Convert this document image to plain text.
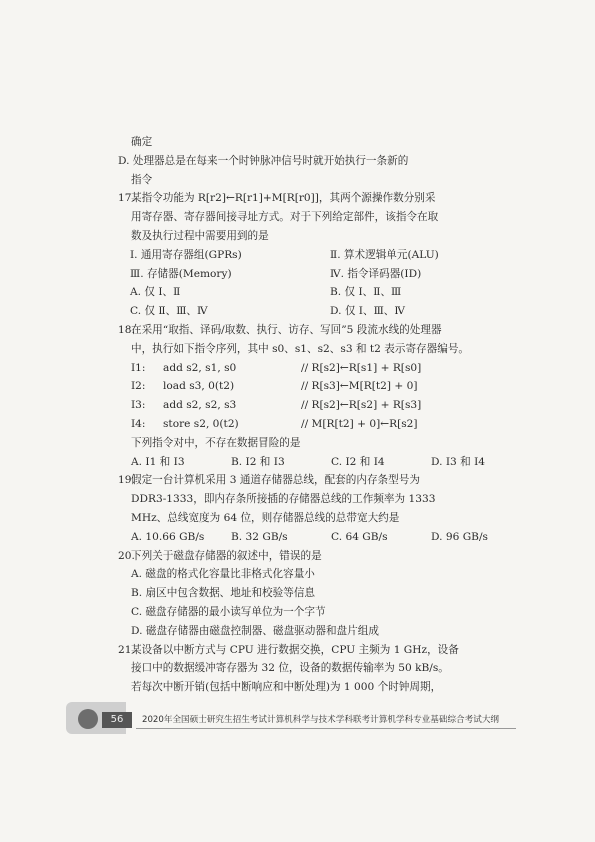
确定
D. 处理器总是在每来一个时钟脉冲信号时就开始执行一条新的
指令
17.某指令功能为 R[r2]←R[r1]+M[R[r0]]，其两个源操作数分别采
用寄存器、寄存器间接寻址方式。对于下列给定部件，该指令在取
数及执行过程中需要用到的是
Ⅰ. 通用寄存器组(GPRs)	Ⅱ. 算术逻辑单元(ALU)
Ⅲ. 存储器(Memory)	Ⅳ. 指令译码器(ID)
A. 仅 Ⅰ、Ⅱ	B. 仅 Ⅰ、Ⅱ、Ⅲ
C. 仅 Ⅱ、Ⅲ、Ⅳ	D. 仅 Ⅰ、Ⅲ、Ⅳ
18.在采用“取指、译码/取数、执行、访存、写回”5 段流水线的处理器
中，执行如下指令序列，其中 s0、s1、s2、s3 和 t2 表示寄存器编号。
I1:	add s2, s1, s0	// R[s2]←R[s1] + R[s0]
I2:	load s3, 0(t2)	// R[s3]←M[R[t2] + 0]
I3:	add s2, s2, s3	// R[s2]←R[s2] + R[s3]
I4:	store s2, 0(t2)	// M[R[t2] + 0]←R[s2]
下列指令对中，不存在数据冒险的是
A. I1 和 I3	B. I2 和 I3	C. I2 和 I4	D. I3 和 I4
19.假定一台计算机采用 3 通道存储器总线，配套的内存条型号为
DDR3-1333，即内存条所接插的存储器总线的工作频率为 1333
MHz、总线宽度为 64 位，则存储器总线的总带宽大约是
A. 10.66 GB/s	B. 32 GB/s	C. 64 GB/s	D. 96 GB/s
20.下列关于磁盘存储器的叙述中，错误的是
A. 磁盘的格式化容量比非格式化容量小
B. 扇区中包含数据、地址和校验等信息
C. 磁盘存储器的最小读写单位为一个字节
D. 磁盘存储器由磁盘控制器、磁盘驱动器和盘片组成
21.某设备以中断方式与 CPU 进行数据交换，CPU 主频为 1 GHz，设备
接口中的数据缓冲寄存器为 32 位，设备的数据传输率为 50 kB/s。
若每次中断开销(包括中断响应和中断处理)为 1 000 个时钟周期，
56	2020年全国硕士研究生招生考试计算机科学与技术学科联考计算机学科专业基础综合考试大纲
